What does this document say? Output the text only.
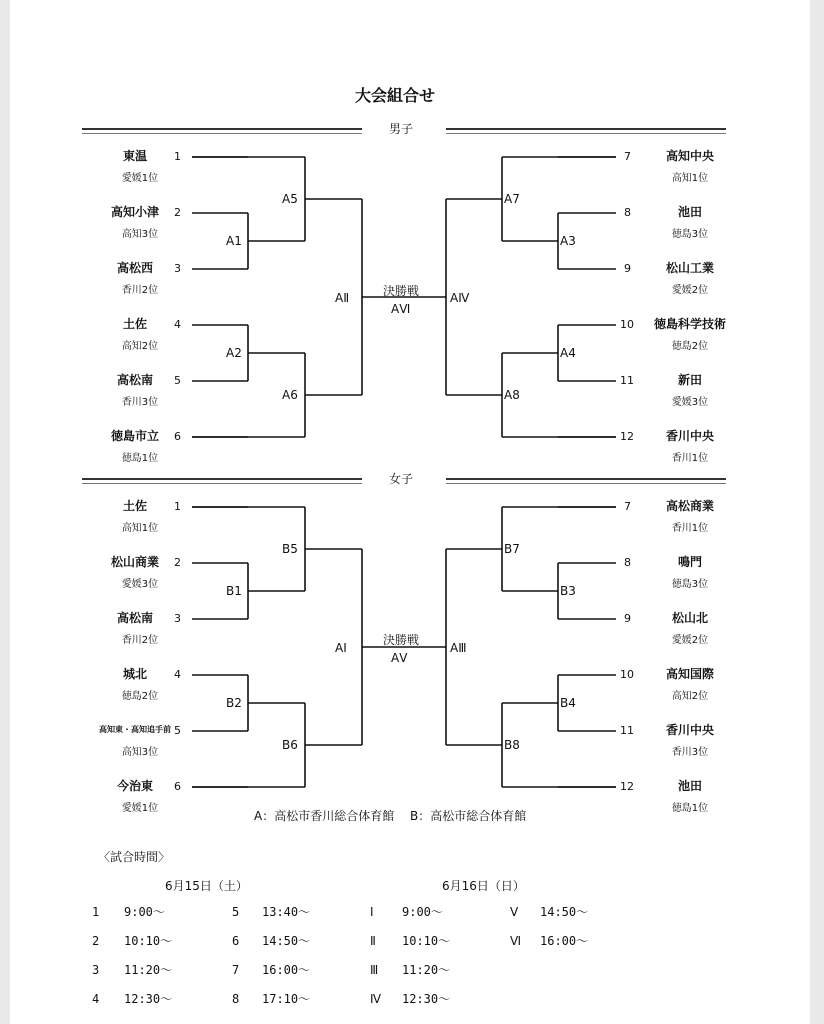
大会組合せ
男子
女子
決勝戦
AⅥ
AⅡ	AⅣ
決勝戦
AⅤ
AⅠ	AⅢ
東温
愛媛1位
1
高知小津
高知3位
2
高松西
香川2位
3
土佐
高知2位
4
高松南
香川3位
5
徳島市立
徳島1位
6
7	高知中央
高知1位
8	池田
徳島3位
9	松山工業
愛媛2位
10	徳島科学技術
徳島2位
11	新田
愛媛3位
12	香川中央
香川1位
A1
A2
A5
A6
A3
A4
A7
A8
土佐
高知1位
1
松山商業
愛媛3位
2
高松南
香川2位
3
城北
徳島2位
4
高知東・高知追手前
高知3位
5
今治東
愛媛1位
6
7	高松商業
香川1位
8	鳴門
徳島3位
9	松山北
愛媛2位
10	高知国際
高知2位
11	香川中央
香川3位
12	池田
徳島1位
B1
B2
B5
B6
B3
B4
B7
B8
A：高松市香川総合体育館　 B：高松市総合体育館
〈試合時間〉
6月15日（土）	6月16日（日）
1 9:00〜
2 10:10〜
3 11:20〜
4 12:30〜
5 13:40〜
6 14:50〜
7 16:00〜
8 17:10〜
Ⅰ 9:00〜
Ⅱ 10:10〜
Ⅲ 11:20〜
Ⅳ 12:30〜
Ⅴ 14:50〜
Ⅵ 16:00〜
